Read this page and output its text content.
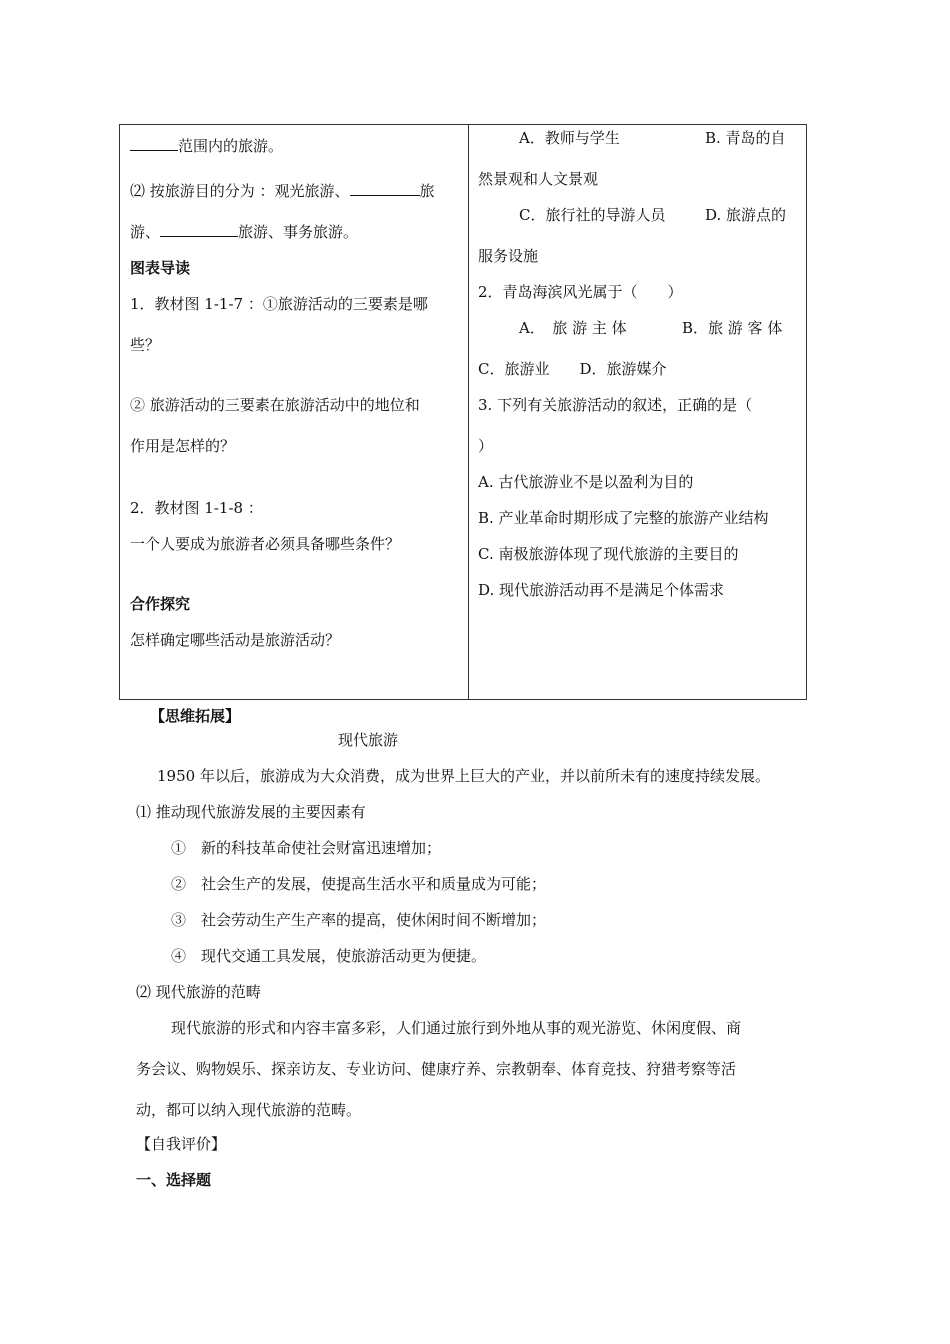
范围内的旅游。
⑵ 按旅游目的分为 ：观光旅游、	旅
游、	旅游、事务旅游。
图表导读
1．教材图 1-1-7 ：①旅游活动的三要素是哪
些？
② 旅游活动的三要素在旅游活动中的地位和
作用是怎样的？
2．教材图 1-1-8 ：
一个人要成为旅游者必须具备哪些条件？
合作探究
怎样确定哪些活动是旅游活动？
A．教师与学生	B. 青岛的自
然景观和人文景观
C．旅行社的导游人员	D. 旅游点的
服务设施
2．青岛海滨风光属于（　　）
A．　旅 游 主 体	B．旅 游 客 体
C．旅游业　　D．旅游媒介
3. 下列有关旅游活动的叙述，正确的是（
）
A. 古代旅游业不是以盈利为目的
B. 产业革命时期形成了完整的旅游产业结构
C. 南极旅游体现了现代旅游的主要目的
D. 现代旅游活动再不是满足个体需求
【思维拓展】
现代旅游
1950 年以后，旅游成为大众消费，成为世界上巨大的产业，并以前所未有的速度持续发展。
⑴ 推动现代旅游发展的主要因素有
①　新的科技革命使社会财富迅速增加；
②　社会生产的发展，使提高生活水平和质量成为可能；
③　社会劳动生产生产率的提高，使休闲时间不断增加；
④　现代交通工具发展，使旅游活动更为便捷。
⑵ 现代旅游的范畴
现代旅游的形式和内容丰富多彩，人们通过旅行到外地从事的观光游览、休闲度假、商
务会议、购物娱乐、探亲访友、专业访问、健康疗养、宗教朝奉、体育竞技、狩猎考察等活
动，都可以纳入现代旅游的范畴。
【自我评价】
一、选择题
